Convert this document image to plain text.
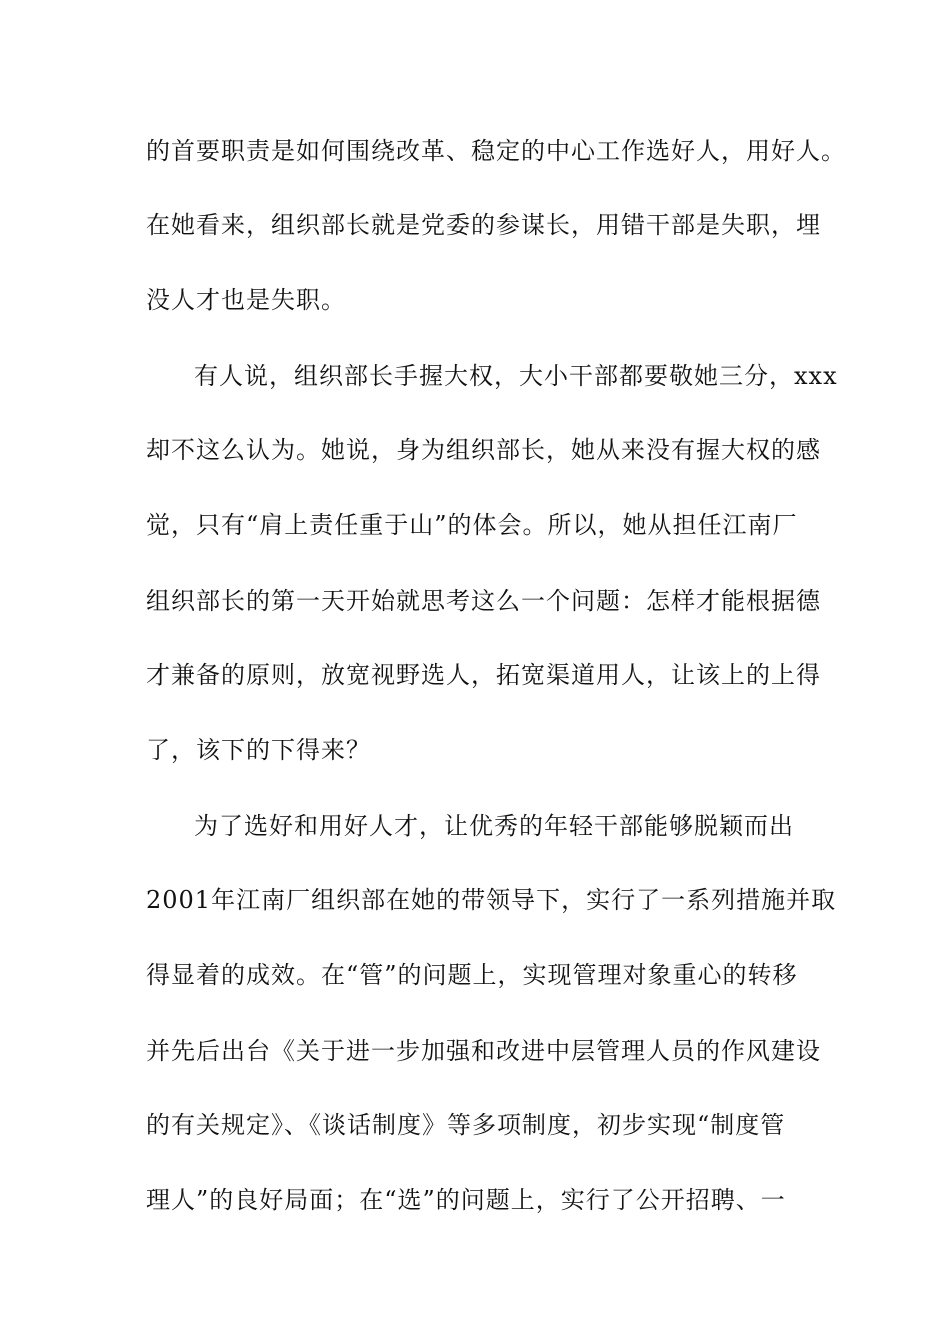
的首要职责是如何围绕改革、稳定的中心工作选好人，用好人。
在她看来，组织部长就是党委的参谋长，用错干部是失职，埋
没人才也是失职。
有人说，组织部长手握大权，大小干部都要敬她三分，xxx
却不这么认为。她说，身为组织部长，她从来没有握大权的感
觉，只有“肩上责任重于山”的体会。所以，她从担任江南厂
组织部长的第一天开始就思考这么一个问题：怎样才能根据德
才兼备的原则，放宽视野选人，拓宽渠道用人，让该上的上得
了，该下的下得来？
为了选好和用好人才，让优秀的年轻干部能够脱颖而出
2001年江南厂组织部在她的带领导下，实行了一系列措施并取
得显着的成效。在“管”的问题上，实现管理对象重心的转移
并先后出台《关于进一步加强和改进中层管理人员的作风建设
的有关规定》、《谈话制度》等多项制度，初步实现“制度管
理人”的良好局面；在“选”的问题上，实行了公开招聘、一
